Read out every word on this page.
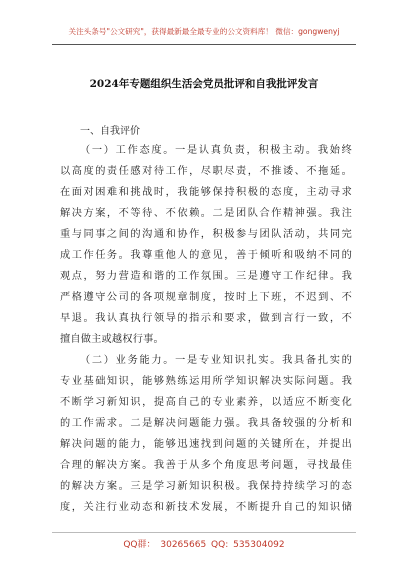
关注头条号"公文研究"，获得最新最全最专业的公文资料库！ 微信：gongwenyj
2024年专题组织生活会党员批评和自我批评发言
一、自我评价
（一）工作态度。一是认真负责，积极主动。我始终
以高度的责任感对待工作，尽职尽责，不推诿、不拖延。
在面对困难和挑战时，我能够保持积极的态度，主动寻求
解决方案，不等待、不依赖。二是团队合作精神强。我注
重与同事之间的沟通和协作，积极参与团队活动，共同完
成工作任务。我尊重他人的意见，善于倾听和吸纳不同的
观点，努力营造和谐的工作氛围。三是遵守工作纪律。我
严格遵守公司的各项规章制度，按时上下班，不迟到、不
早退。我认真执行领导的指示和要求，做到言行一致，不
擅自做主或越权行事。
（二）业务能力。一是专业知识扎实。我具备扎实的
专业基础知识，能够熟练运用所学知识解决实际问题。我
不断学习新知识，提高自己的专业素养，以适应不断变化
的工作需求。二是解决问题能力强。我具备较强的分析和
解决问题的能力，能够迅速找到问题的关键所在，并提出
合理的解决方案。我善于从多个角度思考问题，寻找最佳
的解决方案。三是学习新知识积极。我保持持续学习的态
度，关注行业动态和新技术发展，不断提升自己的知识储
QQ群： 30265665 QQ: 535304092
